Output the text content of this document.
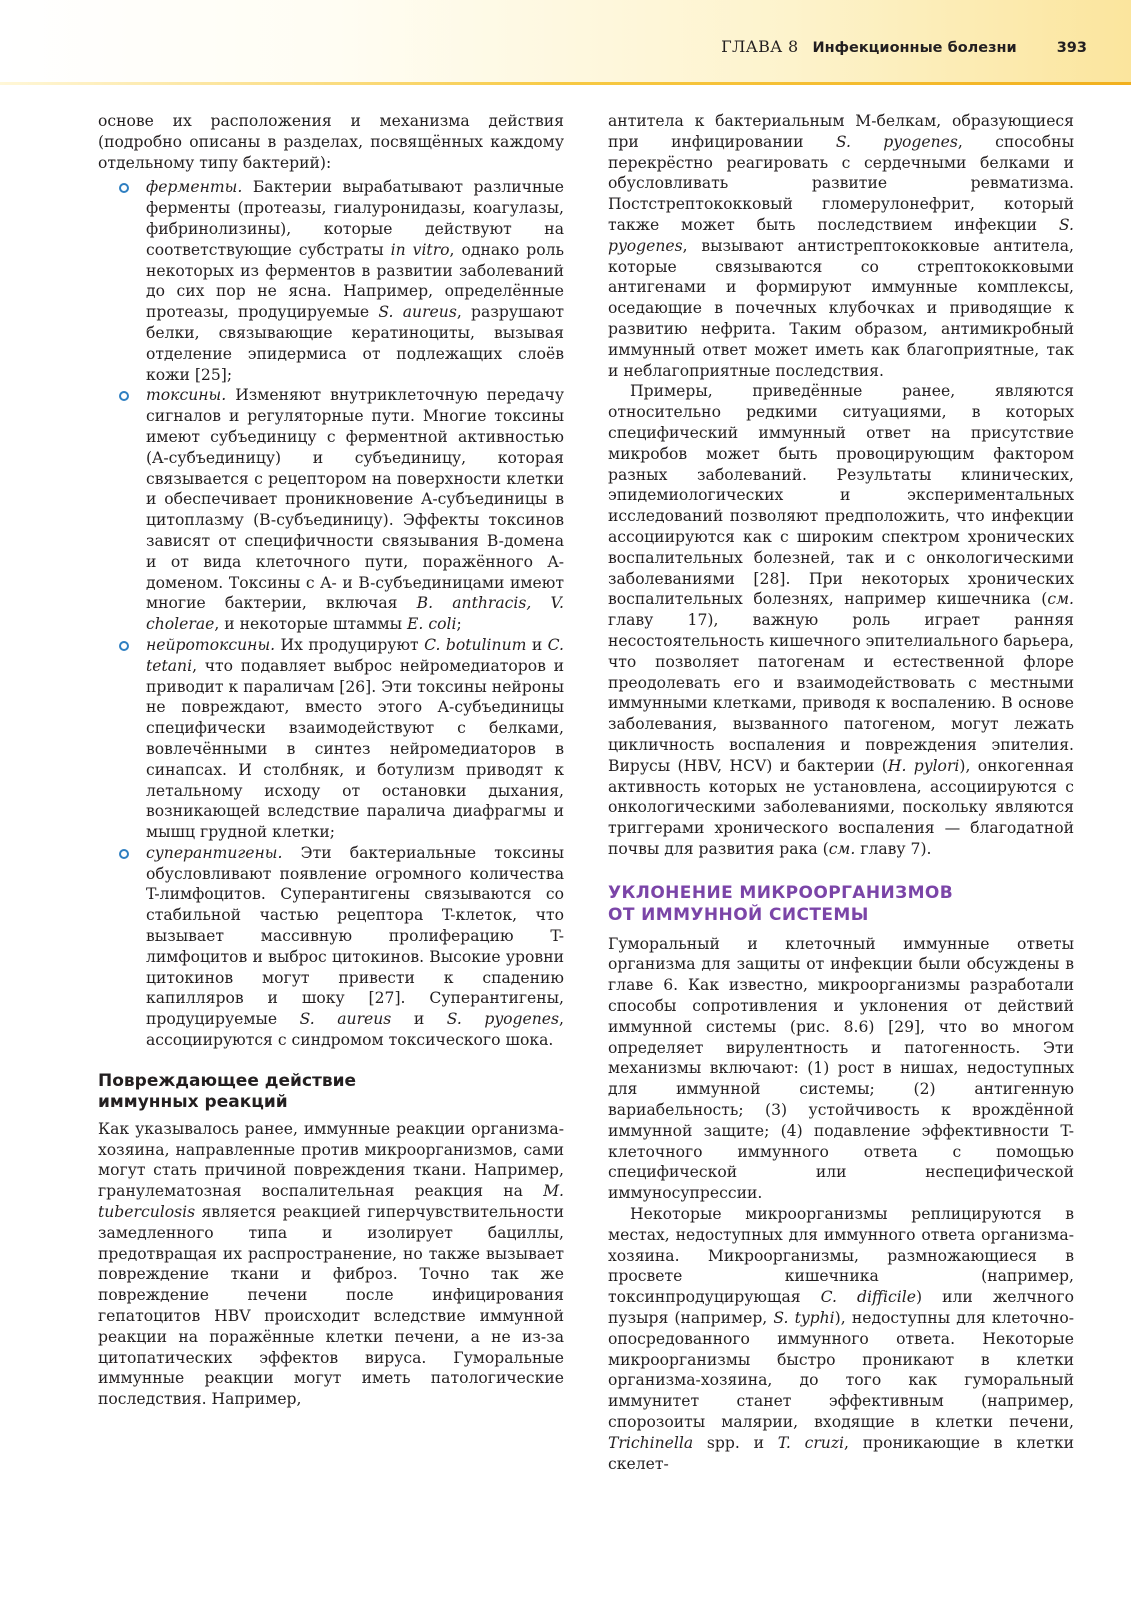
ГЛАВА 8 Инфекционные болезни	393

основе их расположения и механизма действия (подробно описаны в разделах, посвящённых каждому отдельному типу бактерий):

ферменты. Бактерии вырабатывают различные ферменты (протеазы, гиалуронидазы, коагулазы, фибринолизины), которые действуют на соответствующие субстраты in vitro, однако роль некоторых из ферментов в развитии заболеваний до сих пор не ясна. Например, определённые протеазы, продуцируемые S. aureus, разрушают белки, связывающие кератиноциты, вызывая отделение эпидермиса от подлежащих слоёв кожи [25];
токсины. Изменяют внутриклеточную передачу сигналов и регуляторные пути. Многие токсины имеют субъединицу с ферментной активностью (A-субъединицу) и субъединицу, которая связывается с рецептором на поверхности клетки и обеспечивает проникновение A-субъединицы в цитоплазму (B-субъединицу). Эффекты токсинов зависят от специфичности связывания B-домена и от вида клеточного пути, поражённого A-доменом. Токсины с A- и B-субъединицами имеют многие бактерии, включая B. anthracis, V. cholerae, и некоторые штаммы E. coli;
нейротоксины. Их продуцируют C. botulinum и C. tetani, что подавляет выброс нейромедиаторов и приводит к параличам [26]. Эти токсины нейроны не повреждают, вместо этого A-субъединицы специфически взаимодействуют с белками, вовлечёнными в синтез нейромедиаторов в синапсах. И столбняк, и ботулизм приводят к летальному исходу от остановки дыхания, возникающей вследствие паралича диафрагмы и мышц грудной клетки;
суперантигены. Эти бактериальные токсины обусловливают появление огромного количества T-лимфоцитов. Суперантигены связываются со стабильной частью рецептора T-клеток, что вызывает массивную пролиферацию T-лимфоцитов и выброс цитокинов. Высокие уровни цитокинов могут привести к спадению капилляров и шоку [27]. Суперантигены, продуцируемые S. aureus и S. pyogenes, ассоциируются с синдромом токсического шока.
Повреждающее действие
иммунных реакций

Как указывалось ранее, иммунные реакции организма-хозяина, направленные против микроорганизмов, сами могут стать причиной повреждения ткани. Например, гранулематозная воспалительная реакция на M. tuberculosis является реакцией гиперчувствительности замедленного типа и изолирует бациллы, предотвращая их распространение, но также вызывает повреждение ткани и фиброз. Точно так же повреждение печени после инфицирования гепатоцитов HBV происходит вследствие иммунной реакции на поражённые клетки печени, а не из-за цитопатических эффектов вируса. Гуморальные иммунные реакции могут иметь патологические последствия. Например,

антитела к бактериальным M-белкам, образующиеся при инфицировании S. pyogenes, способны перекрёстно реагировать с сердечными белками и обусловливать развитие ревматизма. Постстрептококковый гломерулонефрит, который также может быть последствием инфекции S. pyogenes, вызывают антистрептококковые антитела, которые связываются со стрептококковыми антигенами и формируют иммунные комплексы, оседающие в почечных клубочках и приводящие к развитию нефрита. Таким образом, антимикробный иммунный ответ может иметь как благоприятные, так и неблагоприятные последствия.

Примеры, приведённые ранее, являются относительно редкими ситуациями, в которых специфический иммунный ответ на присутствие микробов может быть провоцирующим фактором разных заболеваний. Результаты клинических, эпидемиологических и экспериментальных исследований позволяют предположить, что инфекции ассоциируются как с широким спектром хронических воспалительных болезней, так и с онкологическими заболеваниями [28]. При некоторых хронических воспалительных болезнях, например кишечника (см. главу 17), важную роль играет ранняя несостоятельность кишечного эпителиального барьера, что позволяет патогенам и естественной флоре преодолевать его и взаимодействовать с местными иммунными клетками, приводя к воспалению. В основе заболевания, вызванного патогеном, могут лежать цикличность воспаления и повреждения эпителия. Вирусы (HBV, HCV) и бактерии (H. pylori), онкогенная активность которых не установлена, ассоциируются с онкологическими заболеваниями, поскольку являются триггерами хронического воспаления — благодатной почвы для развития рака (см. главу 7).

УКЛОНЕНИЕ МИКРООРГАНИЗМОВ
ОТ ИММУННОЙ СИСТЕМЫ

Гуморальный и клеточный иммунные ответы организма для защиты от инфекции были обсуждены в главе 6. Как известно, микроорганизмы разработали способы сопротивления и уклонения от действий иммунной системы (рис. 8.6) [29], что во многом определяет вирулентность и патогенность. Эти механизмы включают: (1) рост в нишах, недоступных для иммунной системы; (2) антигенную вариабельность; (3) устойчивость к врождённой иммунной защите; (4) подавление эффективности T-клеточного иммунного ответа с помощью специфической или неспецифической иммуносупрессии.

Некоторые микроорганизмы реплицируются в местах, недоступных для иммунного ответа организма-хозяина. Микроорганизмы, размножающиеся в просвете кишечника (например, токсинпродуцирующая C. difficile) или желчного пузыря (например, S. typhi), недоступны для клеточно-опосредованного иммунного ответа. Некоторые микроорганизмы быстро проникают в клетки организма-хозяина, до того как гуморальный иммунитет станет эффективным (например, спорозоиты малярии, входящие в клетки печени, Trichinella spp. и T. cruzi, проникающие в клетки скелет-
